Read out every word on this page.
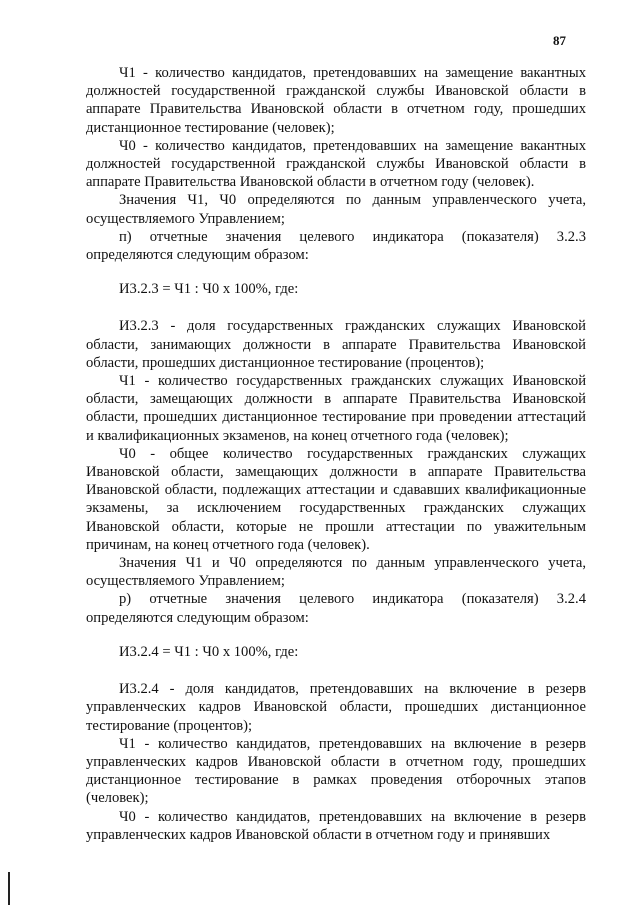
87

Ч1 - количество кандидатов, претендовавших на замещение вакантных должностей государственной гражданской службы Ивановской области в аппарате Правительства Ивановской области в отчетном году, прошедших дистанционное тестирование (человек);

Ч0 - количество кандидатов, претендовавших на замещение вакантных должностей государственной гражданской службы Ивановской области в аппарате Правительства Ивановской области в отчетном году (человек).

Значения Ч1, Ч0 определяются по данным управленческого учета, осуществляемого Управлением;

п) отчетные значения целевого индикатора (показателя) 3.2.3 определяются следующим образом:

И3.2.3 = Ч1 : Ч0 х 100%, где:

И3.2.3 - доля государственных гражданских служащих Ивановской области, занимающих должности в аппарате Правительства Ивановской области, прошедших дистанционное тестирование (процентов);

Ч1 - количество государственных гражданских служащих Ивановской области, замещающих должности в аппарате Правительства Ивановской области, прошедших дистанционное тестирование при проведении аттестаций и квалификационных экзаменов, на конец отчетного года (человек);

Ч0 - общее количество государственных гражданских служащих Ивановской области, замещающих должности в аппарате Правительства Ивановской области, подлежащих аттестации и сдававших квалификационные экзамены, за исключением государственных гражданских служащих Ивановской области, которые не прошли аттестации по уважительным причинам, на конец отчетного года (человек).

Значения Ч1 и Ч0 определяются по данным управленческого учета, осуществляемого Управлением;

р) отчетные значения целевого индикатора (показателя) 3.2.4 определяются следующим образом:

И3.2.4 = Ч1 : Ч0 х 100%, где:

И3.2.4 - доля кандидатов, претендовавших на включение в резерв управленческих кадров Ивановской области, прошедших дистанционное тестирование (процентов);

Ч1 - количество кандидатов, претендовавших на включение в резерв управленческих кадров Ивановской области в отчетном году, прошедших дистанционное тестирование в рамках проведения отборочных этапов (человек);

Ч0 - количество кандидатов, претендовавших на включение в резерв управленческих кадров Ивановской области в отчетном году и принявших
